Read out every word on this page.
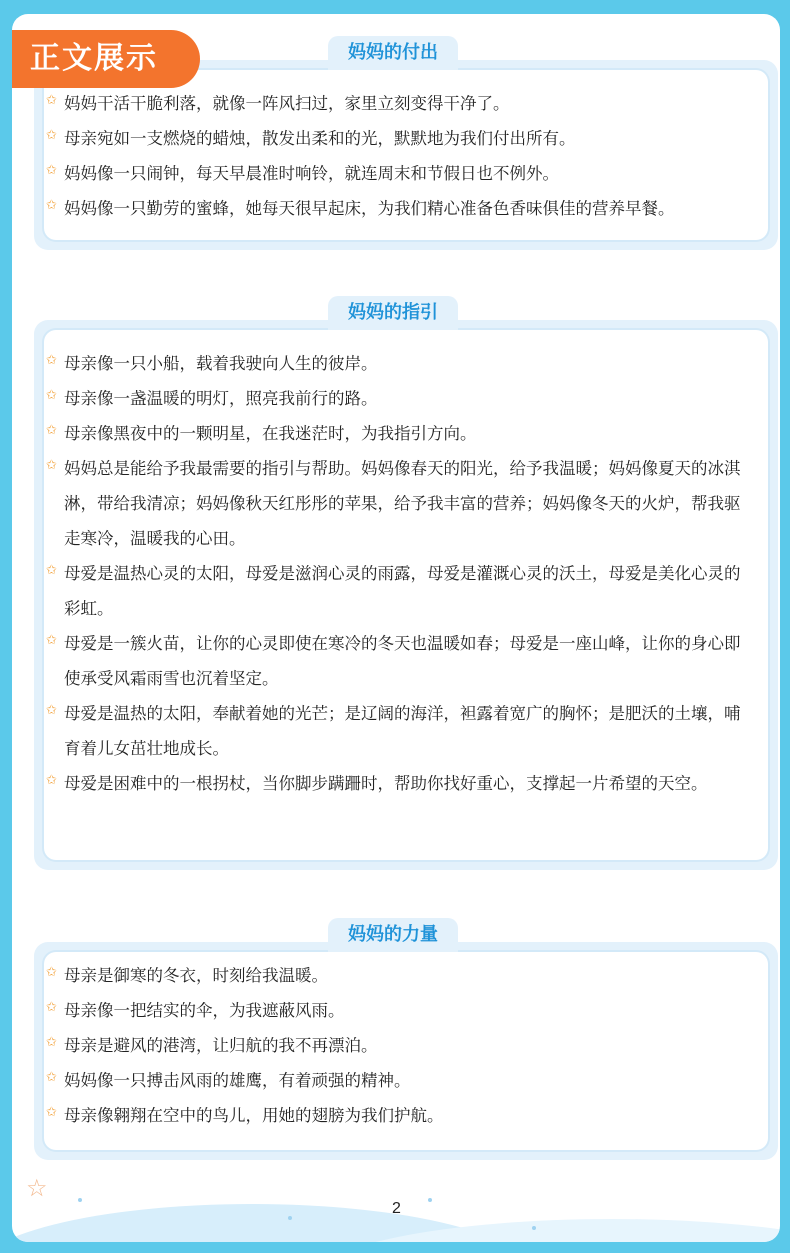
☆
正文展示	妈妈的付出
✩ 妈妈干活干脆利落，就像一阵风扫过，家里立刻变得干净了。
✩ 母亲宛如一支燃烧的蜡烛，散发出柔和的光，默默地为我们付出所有。
✩ 妈妈像一只闹钟，每天早晨准时响铃，就连周末和节假日也不例外。
✩ 妈妈像一只勤劳的蜜蜂，她每天很早起床，为我们精心准备色香味俱佳的营养早餐。
妈妈的指引
✩ 母亲像一只小船，载着我驶向人生的彼岸。
✩ 母亲像一盏温暖的明灯，照亮我前行的路。
✩ 母亲像黑夜中的一颗明星，在我迷茫时，为我指引方向。
✩ 妈妈总是能给予我最需要的指引与帮助。妈妈像春天的阳光，给予我温暖；妈妈像夏天的冰淇淋，带给我清凉；妈妈像秋天红彤彤的苹果，给予我丰富的营养；妈妈像冬天的火炉，帮我驱走寒冷，温暖我的心田。
✩ 母爱是温热心灵的太阳，母爱是滋润心灵的雨露，母爱是灌溉心灵的沃土，母爱是美化心灵的彩虹。
✩ 母爱是一簇火苗，让你的心灵即使在寒冷的冬天也温暖如春；母爱是一座山峰，让你的身心即使承受风霜雨雪也沉着坚定。
✩ 母爱是温热的太阳，奉献着她的光芒；是辽阔的海洋，袒露着宽广的胸怀；是肥沃的土壤，哺育着儿女茁壮地成长。
✩ 母爱是困难中的一根拐杖，当你脚步蹒跚时，帮助你找好重心，支撑起一片希望的天空。
妈妈的力量
✩ 母亲是御寒的冬衣，时刻给我温暖。
✩ 母亲像一把结实的伞，为我遮蔽风雨。
✩ 母亲是避风的港湾，让归航的我不再漂泊。
✩ 妈妈像一只搏击风雨的雄鹰，有着顽强的精神。
✩ 母亲像翱翔在空中的鸟儿，用她的翅膀为我们护航。
2
